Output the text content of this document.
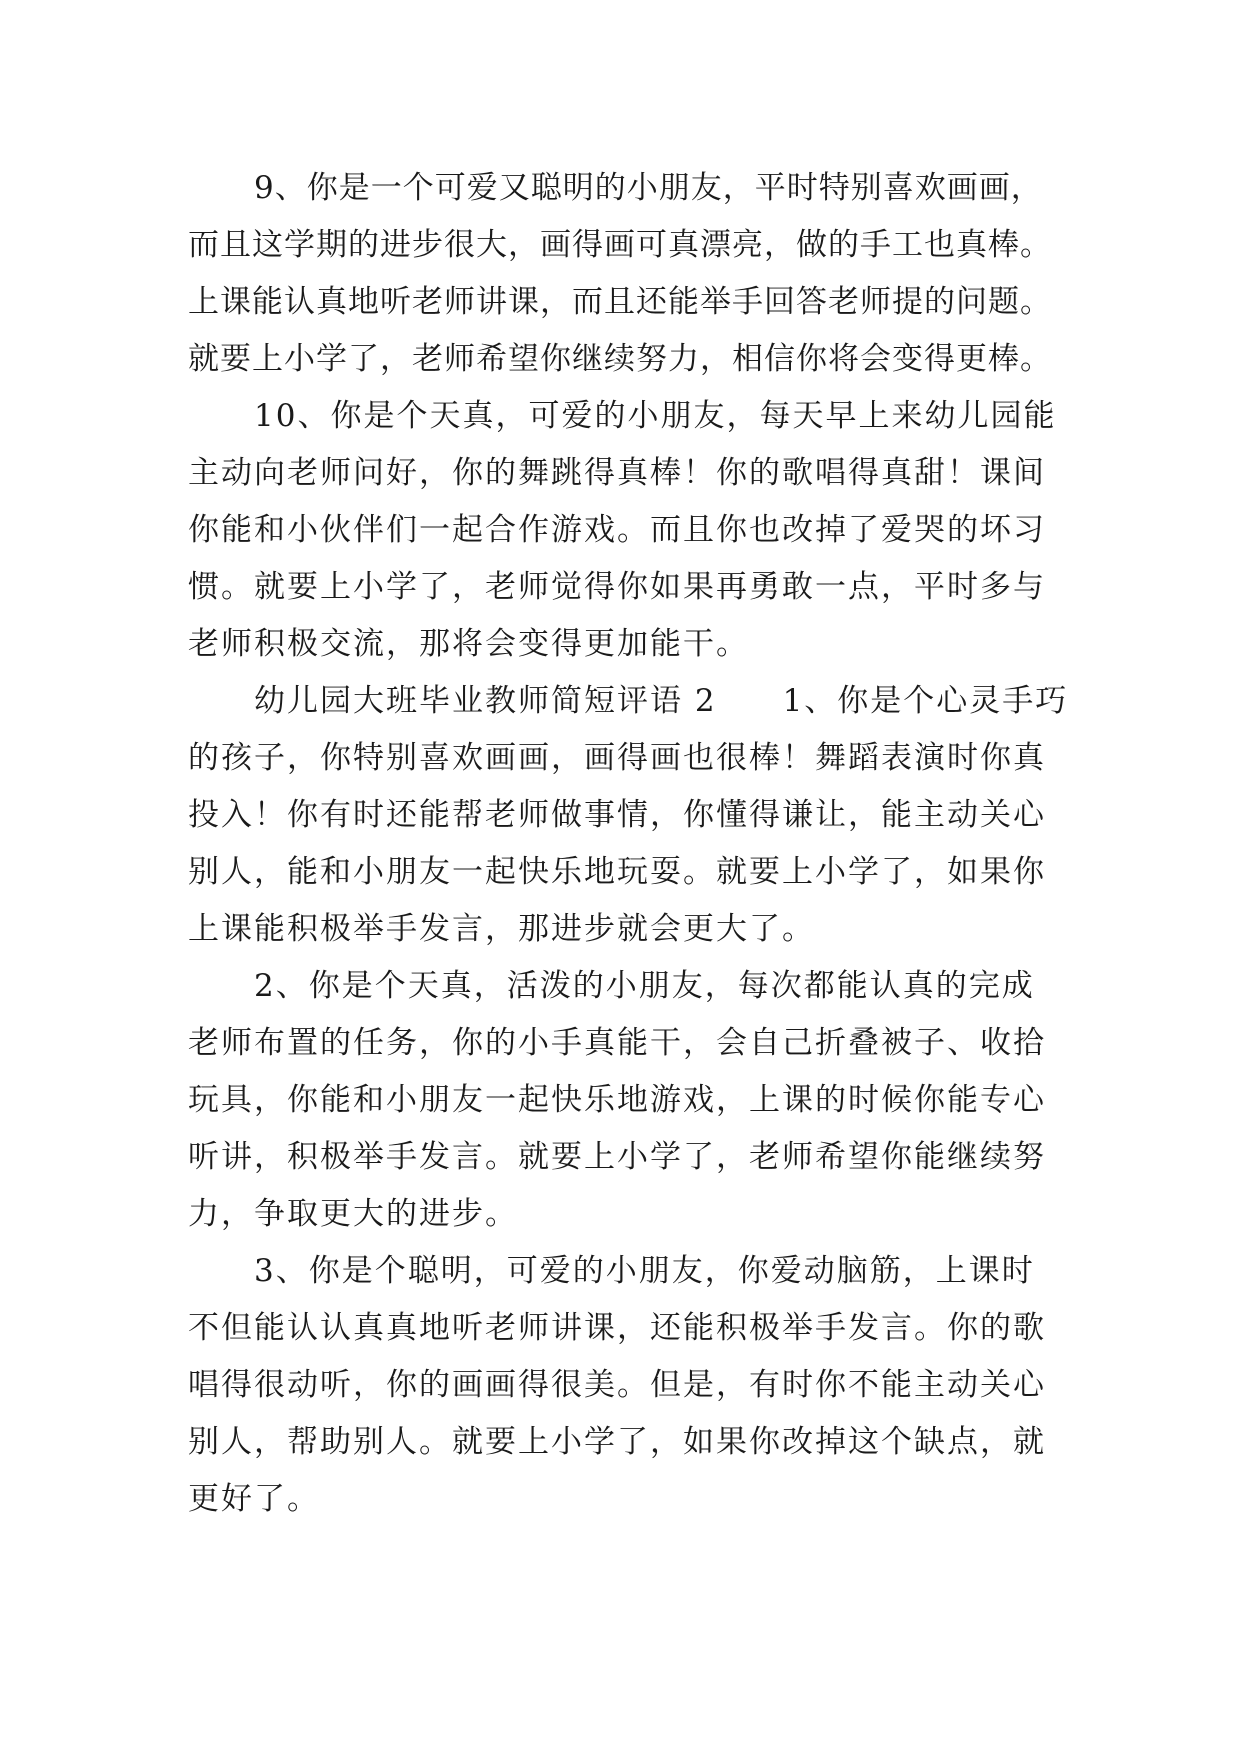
9、你是一个可爱又聪明的小朋友，平时特别喜欢画画，
而且这学期的进步很大，画得画可真漂亮，做的手工也真棒。
上课能认真地听老师讲课，而且还能举手回答老师提的问题。
就要上小学了，老师希望你继续努力，相信你将会变得更棒。
10、你是个天真，可爱的小朋友，每天早上来幼儿园能
主动向老师问好，你的舞跳得真棒！你的歌唱得真甜！课间
你能和小伙伴们一起合作游戏。而且你也改掉了爱哭的坏习
惯。就要上小学了，老师觉得你如果再勇敢一点，平时多与
老师积极交流，那将会变得更加能干。
幼儿园大班毕业教师简短评语 2　　1、你是个心灵手巧
的孩子，你特别喜欢画画，画得画也很棒！舞蹈表演时你真
投入！你有时还能帮老师做事情，你懂得谦让，能主动关心
别人，能和小朋友一起快乐地玩耍。就要上小学了，如果你
上课能积极举手发言，那进步就会更大了。
2、你是个天真，活泼的小朋友，每次都能认真的完成
老师布置的任务，你的小手真能干，会自己折叠被子、收拾
玩具，你能和小朋友一起快乐地游戏，上课的时候你能专心
听讲，积极举手发言。就要上小学了，老师希望你能继续努
力，争取更大的进步。
3、你是个聪明，可爱的小朋友，你爱动脑筋，上课时
不但能认认真真地听老师讲课，还能积极举手发言。你的歌
唱得很动听，你的画画得很美。但是，有时你不能主动关心
别人，帮助别人。就要上小学了，如果你改掉这个缺点，就
更好了。
